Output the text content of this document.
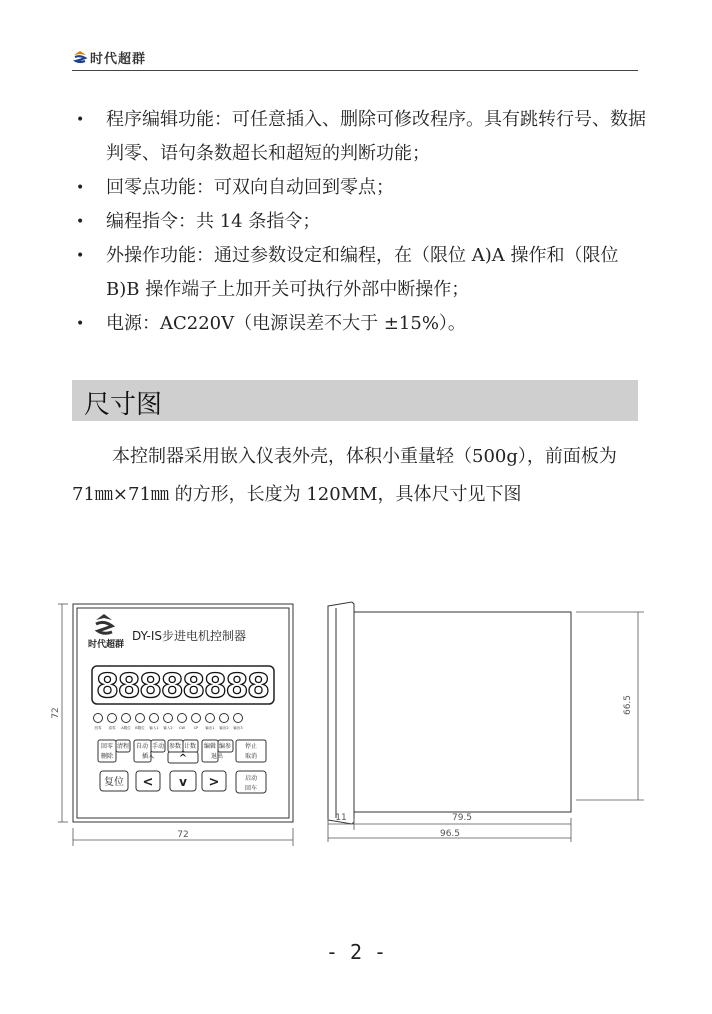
时代超群
• 程序编辑功能：可任意插入、删除可修改程序。具有跳转行号、数据判零、语句条数超长和超短的判断功能；
• 回零点功能：可双向自动回到零点；
• 编程指令：共 14 条指令；
• 外操作功能：通过参数设定和编程，在（限位 A)A 操作和（限位 B)B 操作端子上加开关可执行外部中断操作；
• 电源：AC220V（电源误差不大于 ±15%）。
尺寸图

本控制器采用嵌入仪表外壳，体积小重量轻（500g），前面板为 71㎜×71㎜ 的方形，长度为 120MM，具体尺寸见下图

时代超群
DY-IS步进电机控制器
88888888
回零 清零 A限位 B限位 输入1 输入2 CW	CP 输出1 输出2 输出3
回零
删除
清程 自动
插入
手动 参数 计数
^
编辑
退出
编参 停止
取消
复位 < v >	启动
回车
72
72
11	79.5
96.5
66.5
- 2 -
